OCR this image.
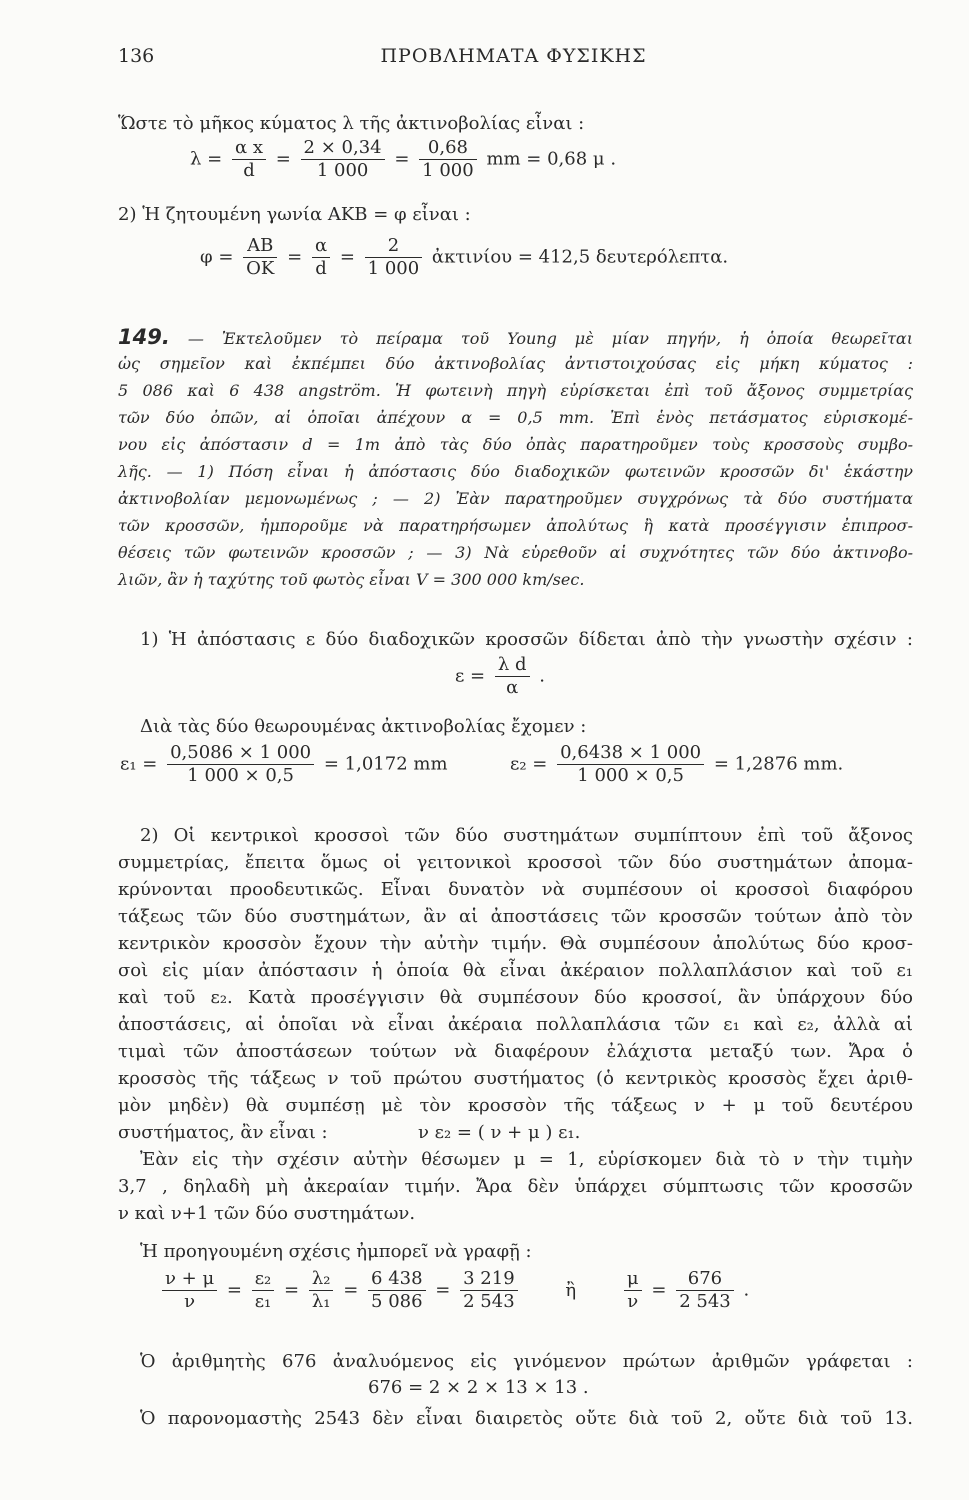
136	ΠΡΟΒΛΗΜΑΤΑ ΦΥΣΙΚΗΣ
Ὥστε τὸ μῆκος κύματος λ τῆς ἀκτινοβολίας εἶναι :
$\lambda = \frac{\text{α x}}{d} = \frac{2 \times 0,34}{1 000} = \frac{0,68}{1 000}$ mm = 0,68 μ .
2) Ἡ ζητουμένη γωνία ΑΚΒ = φ εἶναι :
$\varphi = \frac{AB}{OK} = \frac{\alpha}{d} = \frac{2}{1 000}$ ἀκτινίου = 412,5 δευτερόλεπτα.
149. — Ἐκτελοῦμεν τὸ πείραμα τοῦ Young μὲ μίαν πηγήν, ἡ ὁποία θεωρεῖται
ὡς σημεῖον καὶ ἐκπέμπει δύο ἀκτινοβολίας ἀντιστοιχούσας εἰς μήκη κύματος :
5 086 καὶ 6 438 angström. Ἡ φωτεινὴ πηγὴ εὑρίσκεται ἐπὶ τοῦ ἄξονος συμμετρίας
τῶν δύο ὀπῶν, αἱ ὁποῖαι ἀπέχουν α = 0,5 mm. Ἐπὶ ἑνὸς πετάσματος εὑρισκομέ-
νου εἰς ἀπόστασιν d = 1m ἀπὸ τὰς δύο ὀπὰς παρατηροῦμεν τοὺς κροσσοὺς συμβο-
λῆς. — 1) Πόση εἶναι ἡ ἀπόστασις δύο διαδοχικῶν φωτεινῶν κροσσῶν δι' ἑκάστην
ἀκτινοβολίαν μεμονωμένως ; — 2) Ἐὰν παρατηροῦμεν συγχρόνως τὰ δύο συστήματα
τῶν κροσσῶν, ἠμποροῦμε νὰ παρατηρήσωμεν ἀπολύτως ἢ κατὰ προσέγγισιν ἐπιπροσ-
θέσεις τῶν φωτεινῶν κροσσῶν ; — 3) Νὰ εὑρεθοῦν αἱ συχνότητες τῶν δύο ἀκτινοβο-
λιῶν, ἂν ἡ ταχύτης τοῦ φωτὸς εἶναι V = 300 000 km/sec.
1) Ἡ ἀπόστασις ε δύο διαδοχικῶν κροσσῶν δίδεται ἀπὸ τὴν γνωστὴν σχέσιν :
$\varepsilon = \frac{\text{λ d}}{\alpha}$ .
Διὰ τὰς δύο θεωρουμένας ἀκτινοβολίας ἔχομεν :
$\varepsilon_1 = \frac{0,5086 \times 1 000}{1 000 \times 0,5} = 1,0172$ mm	$\varepsilon_2 = \frac{0,6438 \times 1 000}{1 000 \times 0,5} = 1,2876$ mm.
2) Οἱ κεντρικοὶ κροσσοὶ τῶν δύο συστημάτων συμπίπτουν ἐπὶ τοῦ ἄξονος
συμμετρίας, ἔπειτα ὅμως οἱ γειτονικοὶ κροσσοὶ τῶν δύο συστημάτων ἀπομα-
κρύνονται προοδευτικῶς. Εἶναι δυνατὸν νὰ συμπέσουν οἱ κροσσοὶ διαφόρου
τάξεως τῶν δύο συστημάτων, ἂν αἱ ἀποστάσεις τῶν κροσσῶν τούτων ἀπὸ τὸν
κεντρικὸν κροσσὸν ἔχουν τὴν αὐτὴν τιμήν. Θὰ συμπέσουν ἀπολύτως δύο κροσ-
σοὶ εἰς μίαν ἀπόστασιν ἡ ὁποία θὰ εἶναι ἀκέραιον πολλαπλάσιον καὶ τοῦ ε₁
καὶ τοῦ ε₂. Κατὰ προσέγγισιν θὰ συμπέσουν δύο κροσσοί, ἂν ὑπάρχουν δύο
ἀποστάσεις, αἱ ὁποῖαι νὰ εἶναι ἀκέραια πολλαπλάσια τῶν ε₁ καὶ ε₂, ἀλλὰ αἱ
τιμαὶ τῶν ἀποστάσεων τούτων νὰ διαφέρουν ἐλάχιστα μεταξύ των. Ἄρα ὁ
κροσσὸς τῆς τάξεως ν τοῦ πρώτου συστήματος (ὁ κεντρικὸς κροσσὸς ἔχει ἀριθ-
μὸν μηδὲν) θὰ συμπέσῃ μὲ τὸν κροσσὸν τῆς τάξεως ν + μ τοῦ δευτέρου
συστήματος, ἂν εἶναι :	ν ε₂ = ( ν + μ ) ε₁.
Ἐὰν εἰς τὴν σχέσιν αὐτὴν θέσωμεν μ = 1, εὑρίσκομεν διὰ τὸ ν τὴν τιμὴν
3,7 , δηλαδὴ μὴ ἀκεραίαν τιμήν. Ἄρα δὲν ὑπάρχει σύμπτωσις τῶν κροσσῶν
ν καὶ ν+1 τῶν δύο συστημάτων.
Ἡ προηγουμένη σχέσις ἠμπορεῖ νὰ γραφῇ :
$\frac{\nu + \mu}{\nu} = \frac{\text{ε₂}}{\text{ε₁}} = \frac{\text{λ₂}}{\text{λ₁}} = \frac{6 438}{5 086} = \frac{3 219}{2 543}$	ἢ	$\frac{\mu}{\nu} = \frac{676}{2 543}$ .
Ὁ ἀριθμητὴς 676 ἀναλυόμενος εἰς γινόμενον πρώτων ἀριθμῶν γράφεται :
676 = 2 × 2 × 13 × 13 .
Ὁ παρονομαστὴς 2543 δὲν εἶναι διαιρετὸς οὔτε διὰ τοῦ 2, οὔτε διὰ τοῦ 13.
